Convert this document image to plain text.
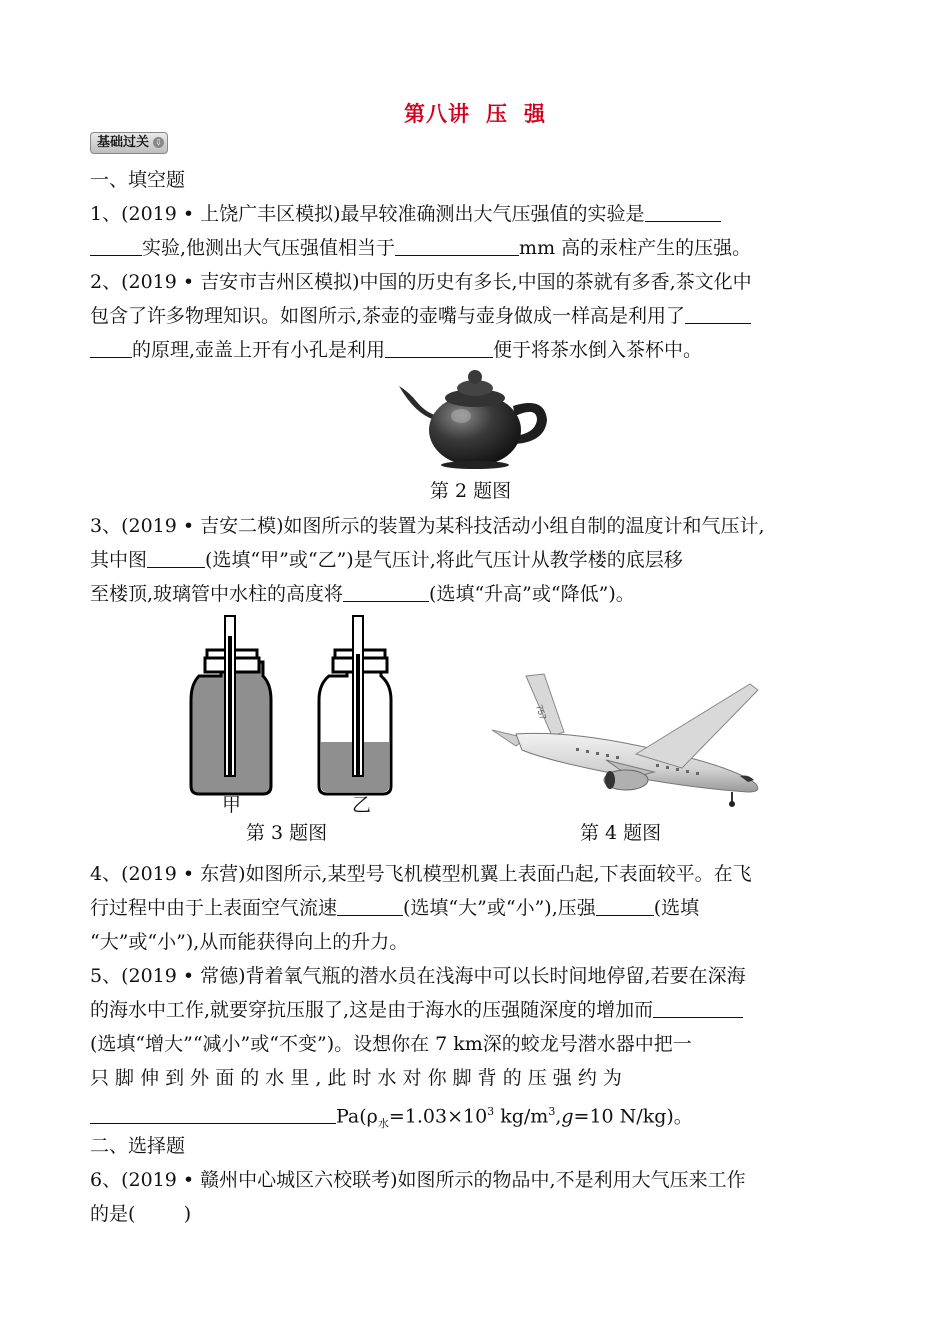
第八讲 压 强
基础过关 ⇩
一、填空题
1、(2019 • 上饶广丰区模拟)最早较准确测出大气压强值的实验是
实验,他测出大气压强值相当于	mm 高的汞柱产生的压强。
2、(2019 • 吉安市吉州区模拟)中国的历史有多长,中国的茶就有多香,茶文化中
包含了许多物理知识。如图所示,茶壶的壶嘴与壶身做成一样高是利用了
的原理,壶盖上开有小孔是利用	便于将茶水倒入茶杯中。
第 2 题图
3、(2019 • 吉安二模)如图所示的装置为某科技活动小组自制的温度计和气压计,
其中图	(选填“甲”或“乙”)是气压计,将此气压计从教学楼的底层移
至楼顶,玻璃管中水柱的高度将	(选填“升高”或“降低”)。
甲	乙
第 3 题图
757
第 4 题图
4、(2019 • 东营)如图所示,某型号飞机模型机翼上表面凸起,下表面较平。在飞
行过程中由于上表面空气流速	(选填“大”或“小”),压强	(选填
“大”或“小”),从而能获得向上的升力。
5、(2019 • 常德)背着氧气瓶的潜水员在浅海中可以长时间地停留,若要在深海
的海水中工作,就要穿抗压服了,这是由于海水的压强随深度的增加而
(选填“增大”“减小”或“不变”)。设想你在 7 km深的蛟龙号潜水器中把一
只 脚 伸 到 外 面 的 水 里 , 此 时 水 对 你 脚 背 的 压 强 约 为
$Pa(\rho_水=1.03\times 10^3$ $kg/m^3,g=10$ N/kg)。
二、选择题
6、(2019 • 赣州中心城区六校联考)如图所示的物品中,不是利用大气压来工作
的是(        )
